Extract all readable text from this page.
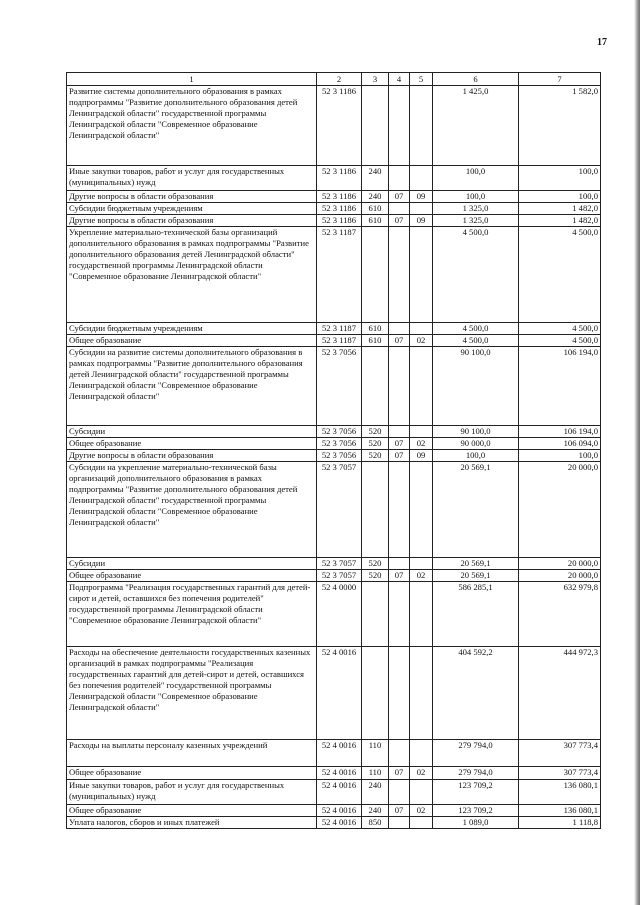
17
1	2	3	4	5	6	7
Развитие системы дополнительного образования в рамках подпрограммы "Развитие дополнительного образования детей Ленинградской области" государственной программы Ленинградской области "Современное образование Ленинградской области"	52 3 1186				1 425,0	1 582,0
Иные закупки товаров, работ и услуг для государственных (муниципальных) нужд	52 3 1186	240			100,0	100,0
Другие вопросы в области образования	52 3 1186	240	07	09	100,0	100,0
Субсидии бюджетным учреждениям	52 3 1186	610			1 325,0	1 482,0
Другие вопросы в области образования	52 3 1186	610	07	09	1 325,0	1 482,0
Укрепление материально-технической базы организаций дополнительного образования в рамках подпрограммы "Развитие дополнительного образования детей Ленинградской области" государственной программы Ленинградской области "Современное образование Ленинградской области"	52 3 1187				4 500,0	4 500,0
Субсидии бюджетным учреждениям	52 3 1187	610			4 500,0	4 500,0
Общее образование	52 3 1187	610	07	02	4 500,0	4 500,0
Субсидии на развитие системы дополнительного образования в рамках подпрограммы "Развитие дополнительного образования детей Ленинградской области" государственной программы Ленинградской области "Современное образование Ленинградской области"	52 3 7056				90 100,0	106 194,0
Субсидии	52 3 7056	520			90 100,0	106 194,0
Общее образование	52 3 7056	520	07	02	90 000,0	106 094,0
Другие вопросы в области образования	52 3 7056	520	07	09	100,0	100,0
Субсидии на укрепление материально-технической базы организаций дополнительного образования в рамках подпрограммы "Развитие дополнительного образования детей Ленинградской области" государственной программы Ленинградской области "Современное образование Ленинградской области"	52 3 7057				20 569,1	20 000,0
Субсидии	52 3 7057	520			20 569,1	20 000,0
Общее образование	52 3 7057	520	07	02	20 569,1	20 000,0
Подпрограмма "Реализация государственных гарантий для детей-сирот и детей, оставшихся без попечения родителей" государственной программы Ленинградской области "Современное образование Ленинградской области"	52 4 0000				586 285,1	632 979,8
Расходы на обеспечение деятельности государственных казенных организаций в рамках подпрограммы "Реализация государственных гарантий для детей-сирот и детей, оставшихся без попечения родителей" государственной программы Ленинградской области "Современное образование Ленинградской области"	52 4 0016				404 592,2	444 972,3
Расходы на выплаты персоналу казенных учреждений	52 4 0016	110			279 794,0	307 773,4
Общее образование	52 4 0016	110	07	02	279 794,0	307 773,4
Иные закупки товаров, работ и услуг для государственных (муниципальных) нужд	52 4 0016	240			123 709,2	136 080,1
Общее образование	52 4 0016	240	07	02	123 709,2	136 080,1
Уплата налогов, сборов и иных платежей	52 4 0016	850			1 089,0	1 118,8
